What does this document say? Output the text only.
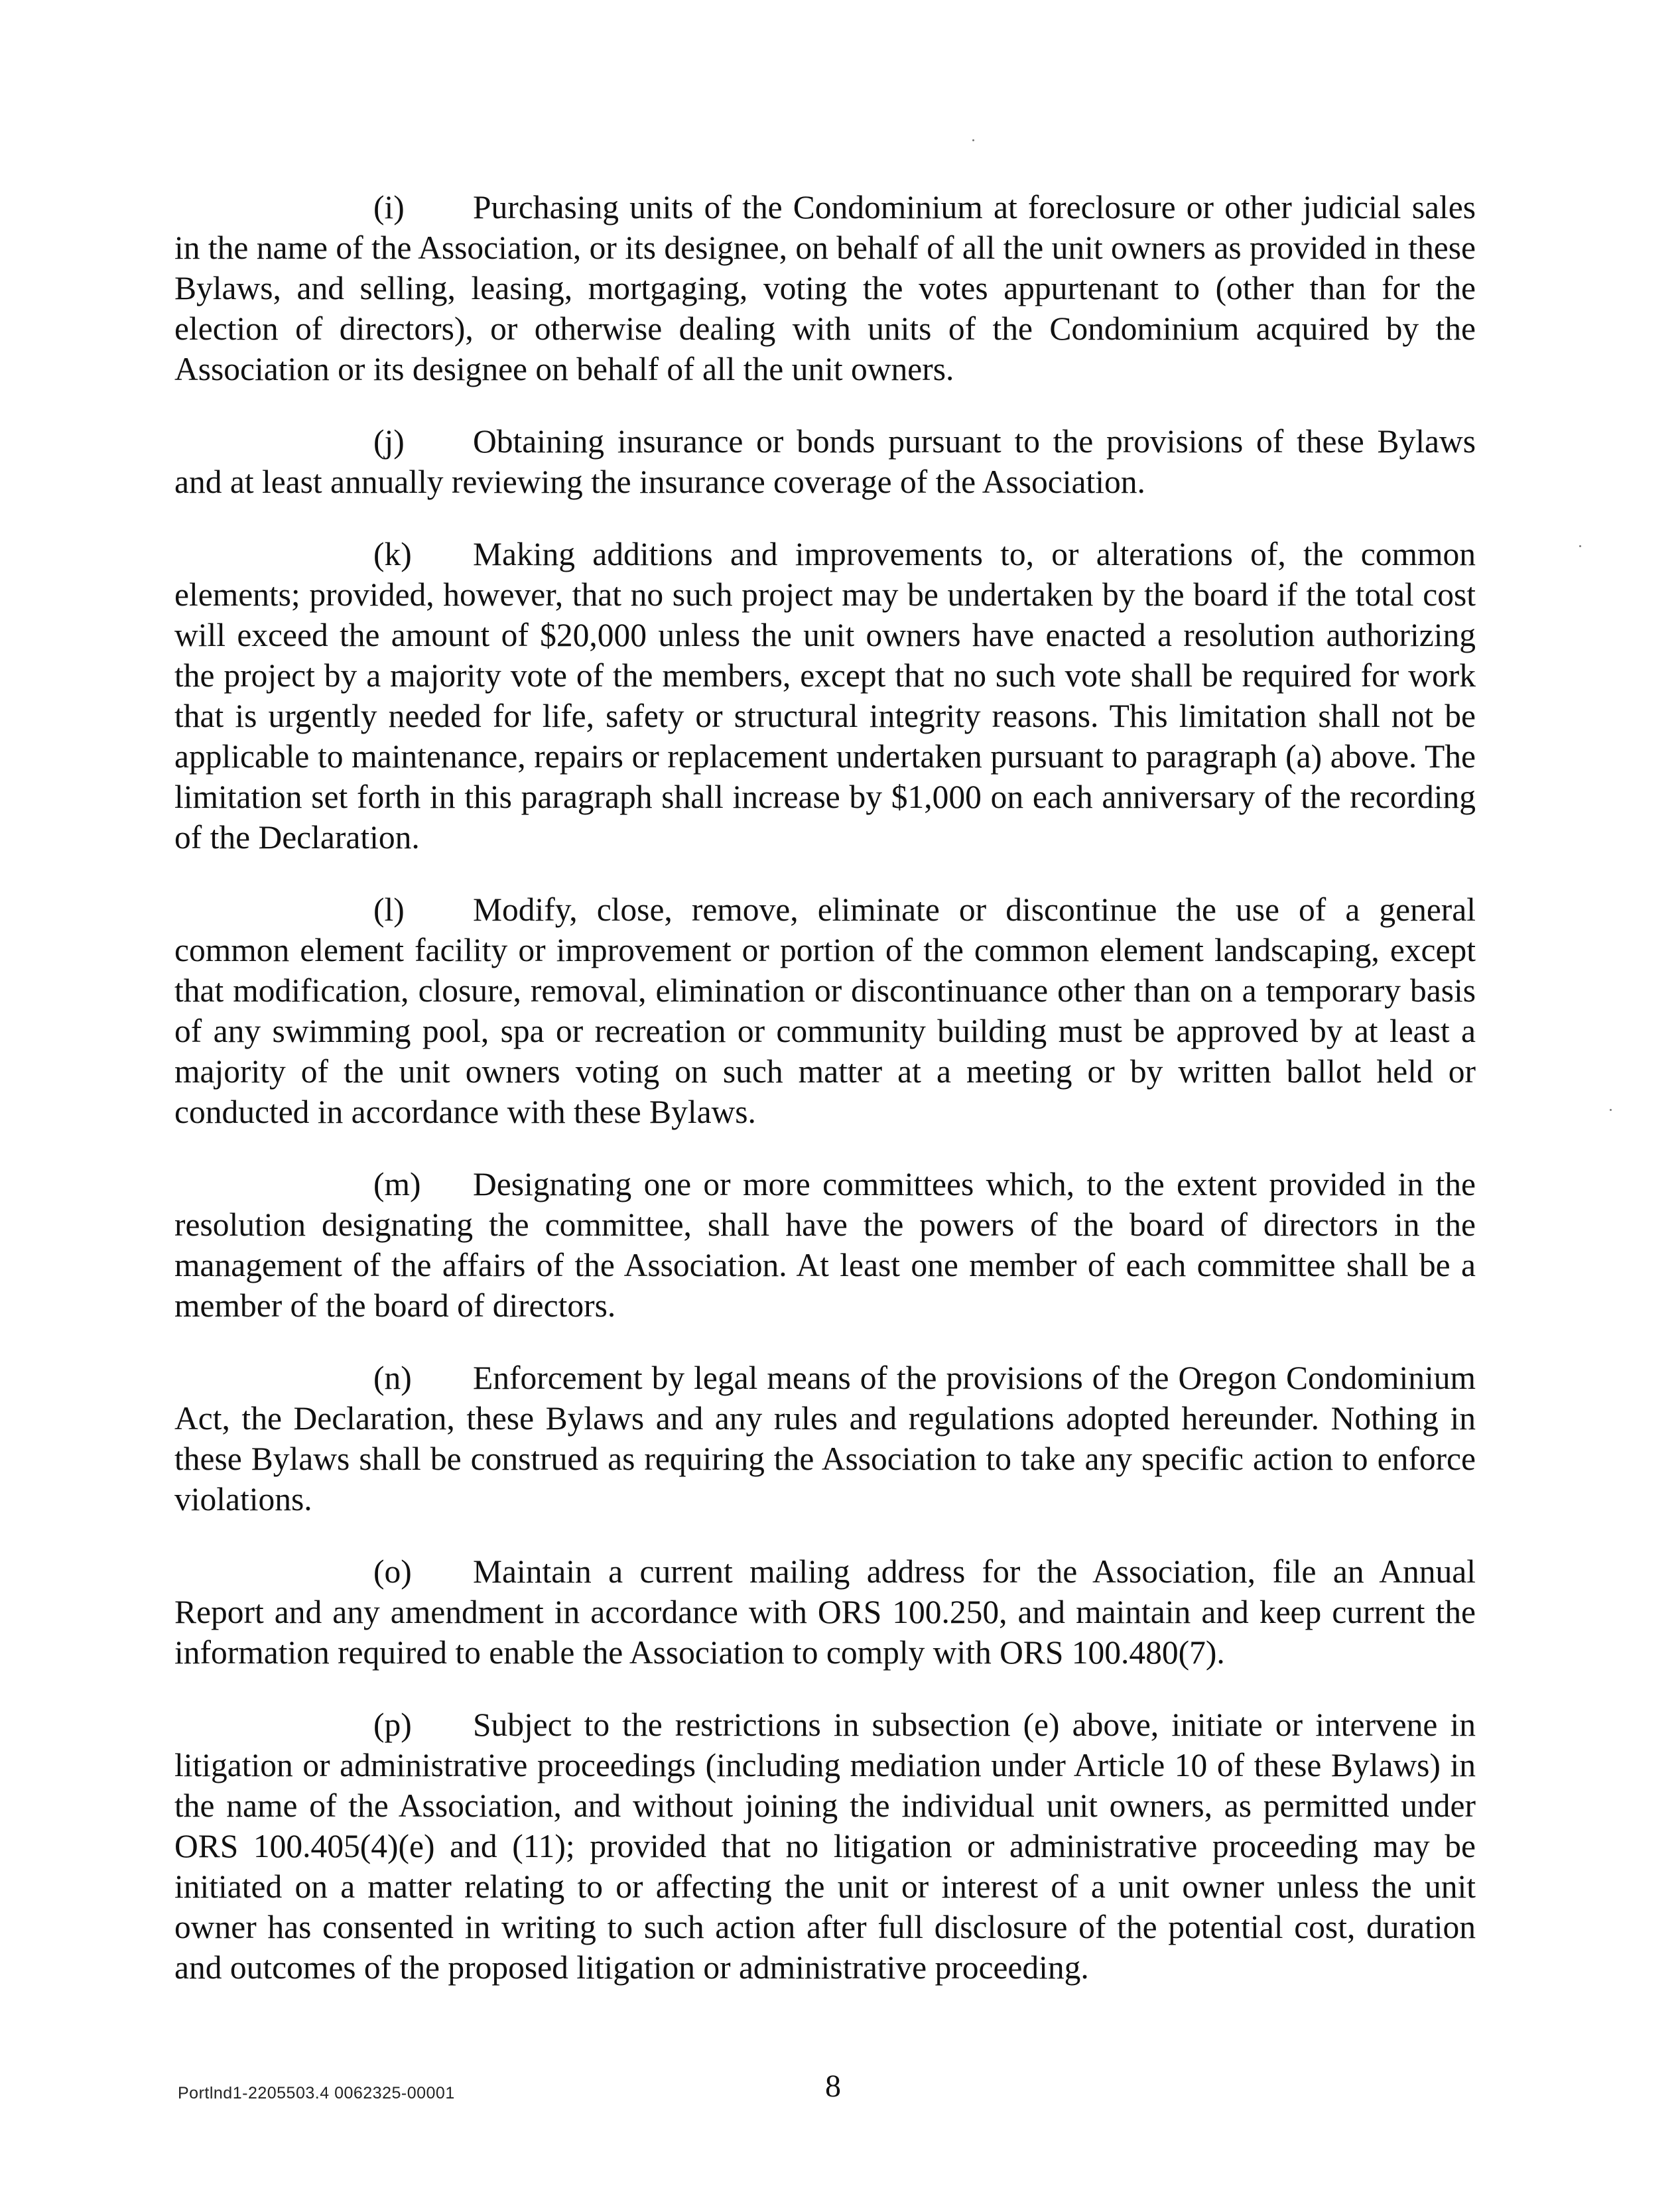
(i) Purchasing units of the Condominium at foreclosure or other judicial sales in the name of the Association, or its designee, on behalf of all the unit owners as provided in these Bylaws, and selling, leasing, mortgaging, voting the votes appurtenant to (other than for the election of directors), or otherwise dealing with units of the Condominium acquired by the Association or its designee on behalf of all the unit owners.

(j) Obtaining insurance or bonds pursuant to the provisions of these Bylaws and at least annually reviewing the insurance coverage of the Association.

(k) Making additions and improvements to, or alterations of, the common elements; provided, however, that no such project may be undertaken by the board if the total cost will exceed the amount of $20,000 unless the unit owners have enacted a resolution authorizing the project by a majority vote of the members, except that no such vote shall be required for work that is urgently needed for life, safety or structural integrity reasons. This limitation shall not be applicable to maintenance, repairs or replacement undertaken pursuant to paragraph (a) above. The limitation set forth in this paragraph shall increase by $1,000 on each anniversary of the recording of the Declaration.

(l) Modify, close, remove, eliminate or discontinue the use of a general common element facility or improvement or portion of the common element landscaping, except that modification, closure, removal, elimination or discontinuance other than on a temporary basis of any swimming pool, spa or recreation or community building must be approved by at least a majority of the unit owners voting on such matter at a meeting or by written ballot held or conducted in accordance with these Bylaws.

(m) Designating one or more committees which, to the extent provided in the resolution designating the committee, shall have the powers of the board of directors in the management of the affairs of the Association. At least one member of each committee shall be a member of the board of directors.

(n) Enforcement by legal means of the provisions of the Oregon Condominium Act, the Declaration, these Bylaws and any rules and regulations adopted hereunder. Nothing in these Bylaws shall be construed as requiring the Association to take any specific action to enforce violations.

(o) Maintain a current mailing address for the Association, file an Annual Report and any amendment in accordance with ORS 100.250, and maintain and keep current the information required to enable the Association to comply with ORS 100.480(7).

(p) Subject to the restrictions in subsection (e) above, initiate or intervene in litigation or administrative proceedings (including mediation under Article 10 of these Bylaws) in the name of the Association, and without joining the individual unit owners, as permitted under ORS 100.405(4)(e) and (11); provided that no litigation or administrative proceeding may be initiated on a matter relating to or affecting the unit or interest of a unit owner unless the unit owner has consented in writing to such action after full disclosure of the potential cost, duration and outcomes of the proposed litigation or administrative proceeding.

Portlnd1-2205503.4 0062325-00001	8
